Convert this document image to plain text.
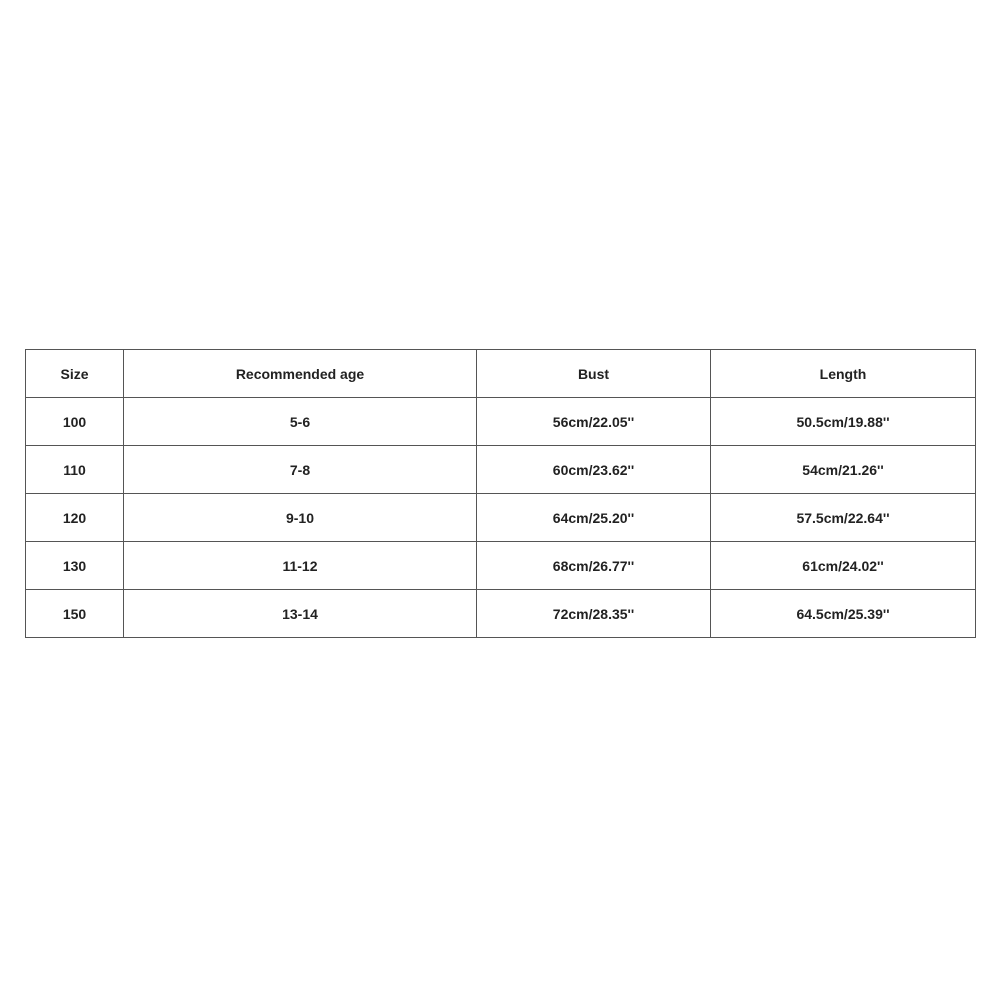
Size	Recommended age	Bust	Length
100	5-6	56cm/22.05''	50.5cm/19.88''
110	7-8	60cm/23.62''	54cm/21.26''
120	9-10	64cm/25.20''	57.5cm/22.64''
130	11-12	68cm/26.77''	61cm/24.02''
150	13-14	72cm/28.35''	64.5cm/25.39''
